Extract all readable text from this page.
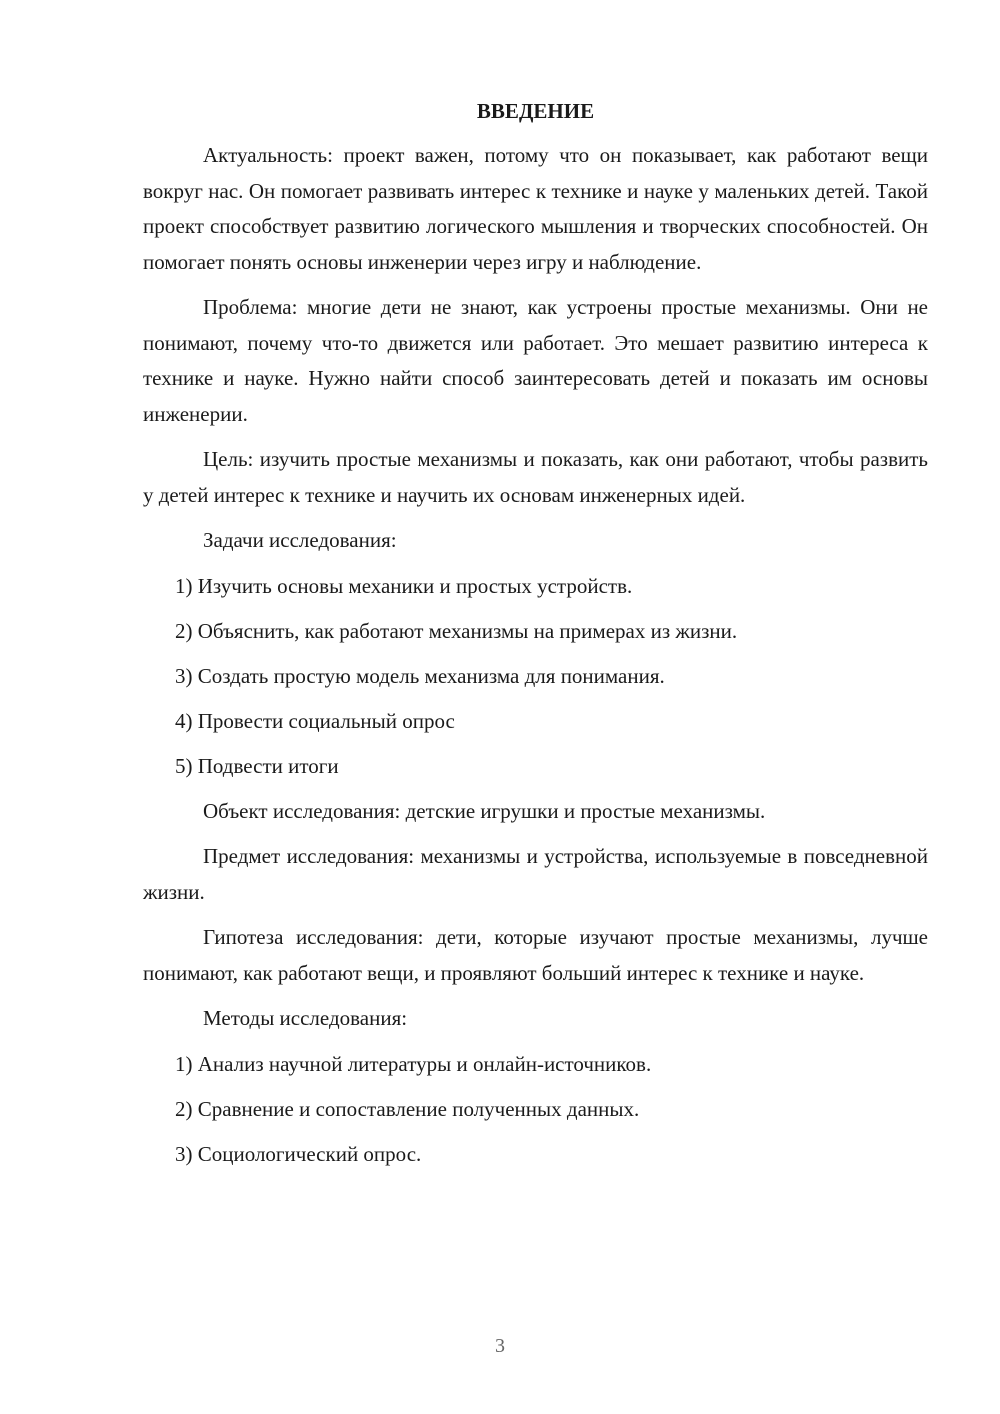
ВВЕДЕНИЕ

Актуальность: проект важен, потому что он показывает, как работают вещи вокруг нас. Он помогает развивать интерес к технике и науке у маленьких детей. Такой проект способствует развитию логического мышления и творческих способностей. Он помогает понять основы инженерии через игру и наблюдение.

Проблема: многие дети не знают, как устроены простые механизмы. Они не понимают, почему что-то движется или работает. Это мешает развитию интереса к технике и науке. Нужно найти способ заинтересовать детей и показать им основы инженерии.

Цель: изучить простые механизмы и показать, как они работают, чтобы развить у детей интерес к технике и научить их основам инженерных идей.

Задачи исследования:

1) Изучить основы механики и простых устройств.
2) Объяснить, как работают механизмы на примерах из жизни.
3) Создать простую модель механизма для понимания.
4) Провести социальный опрос
5) Подвести итоги

Объект исследования: детские игрушки и простые механизмы.

Предмет исследования: механизмы и устройства, используемые в повседневной жизни.

Гипотеза исследования: дети, которые изучают простые механизмы, лучше понимают, как работают вещи, и проявляют больший интерес к технике и науке.

Методы исследования:

1) Анализ научной литературы и онлайн-источников.
2) Сравнение и сопоставление полученных данных.
3) Социологический опрос.
3
